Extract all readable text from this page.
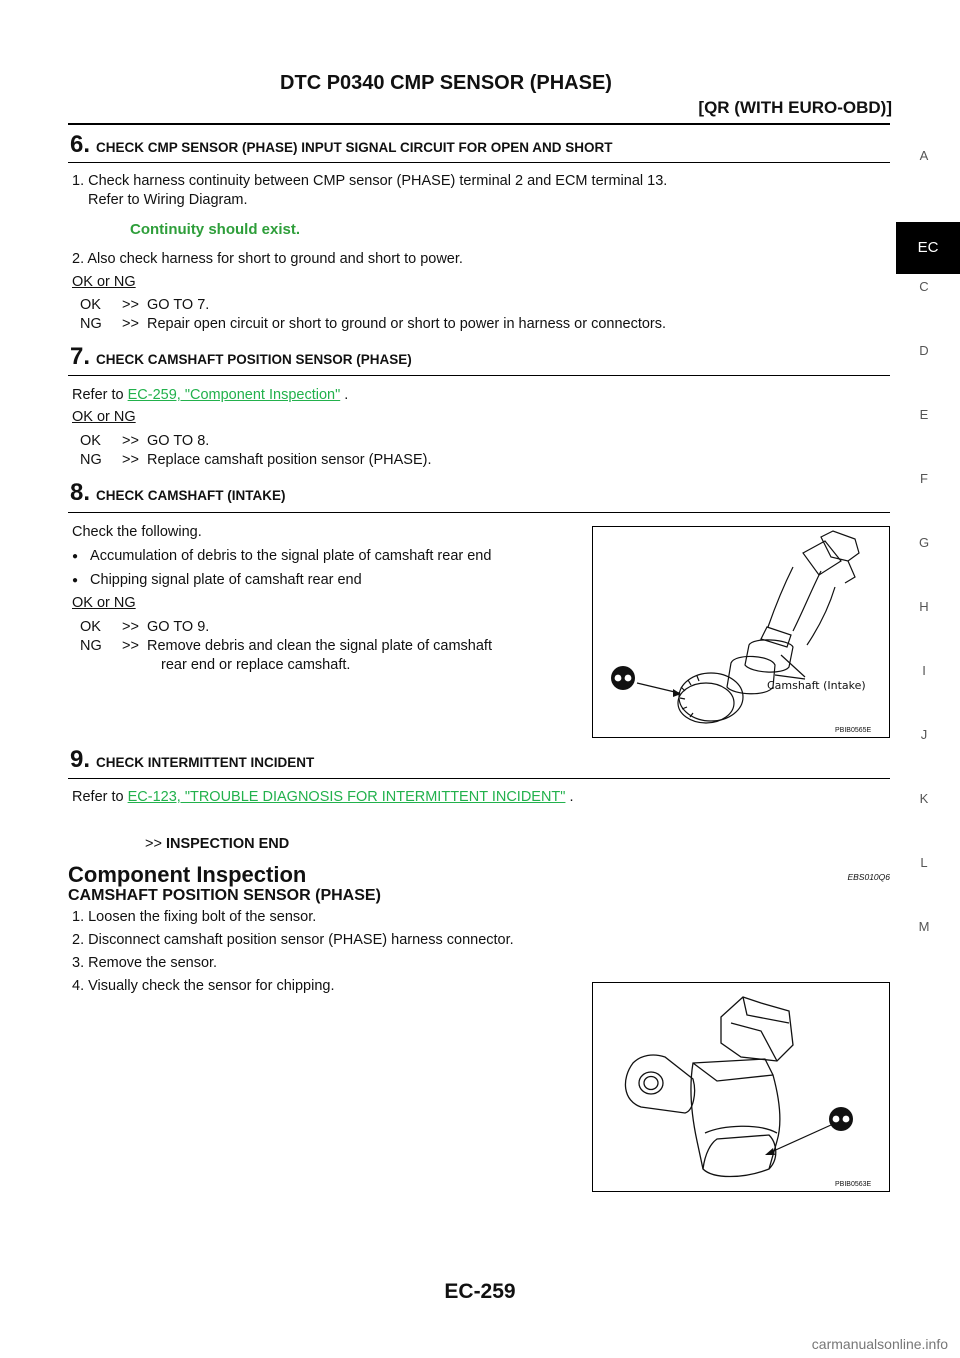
DTC P0340 CMP SENSOR (PHASE)
[QR (WITH EURO-OBD)]
A
EC
C
D
E
F
G
H
I
J
K
L
M
6. CHECK CMP SENSOR (PHASE) INPUT SIGNAL CIRCUIT FOR OPEN AND SHORT
1. Check harness continuity between CMP sensor (PHASE) terminal 2 and ECM terminal 13.
Refer to Wiring Diagram.
Continuity should exist.
2. Also check harness for short to ground and short to power.
OK or NG
OK >> GO TO 7.
NG >> Repair open circuit or short to ground or short to power in harness or connectors.
7. CHECK CAMSHAFT POSITION SENSOR (PHASE)
Refer to EC-259, "Component Inspection" .
OK or NG
OK >> GO TO 8.
NG >> Replace camshaft position sensor (PHASE).
8. CHECK CAMSHAFT (INTAKE)
Check the following.
● Accumulation of debris to the signal plate of camshaft rear end
● Chipping signal plate of camshaft rear end
OK or NG
OK >> GO TO 9.
NG >> Remove debris and clean the signal plate of camshaft
rear end or replace camshaft.
Camshaft (Intake)
PBIB0565E
9. CHECK INTERMITTENT INCIDENT
Refer to EC-123, "TROUBLE DIAGNOSIS FOR INTERMITTENT INCIDENT" .
>> INSPECTION END
Component Inspection	EBS010Q6
CAMSHAFT POSITION SENSOR (PHASE)
1. Loosen the fixing bolt of the sensor.
2. Disconnect camshaft position sensor (PHASE) harness connector.
3. Remove the sensor.
4. Visually check the sensor for chipping.
PBIB0563E
EC-259
carmanualsonline.info
